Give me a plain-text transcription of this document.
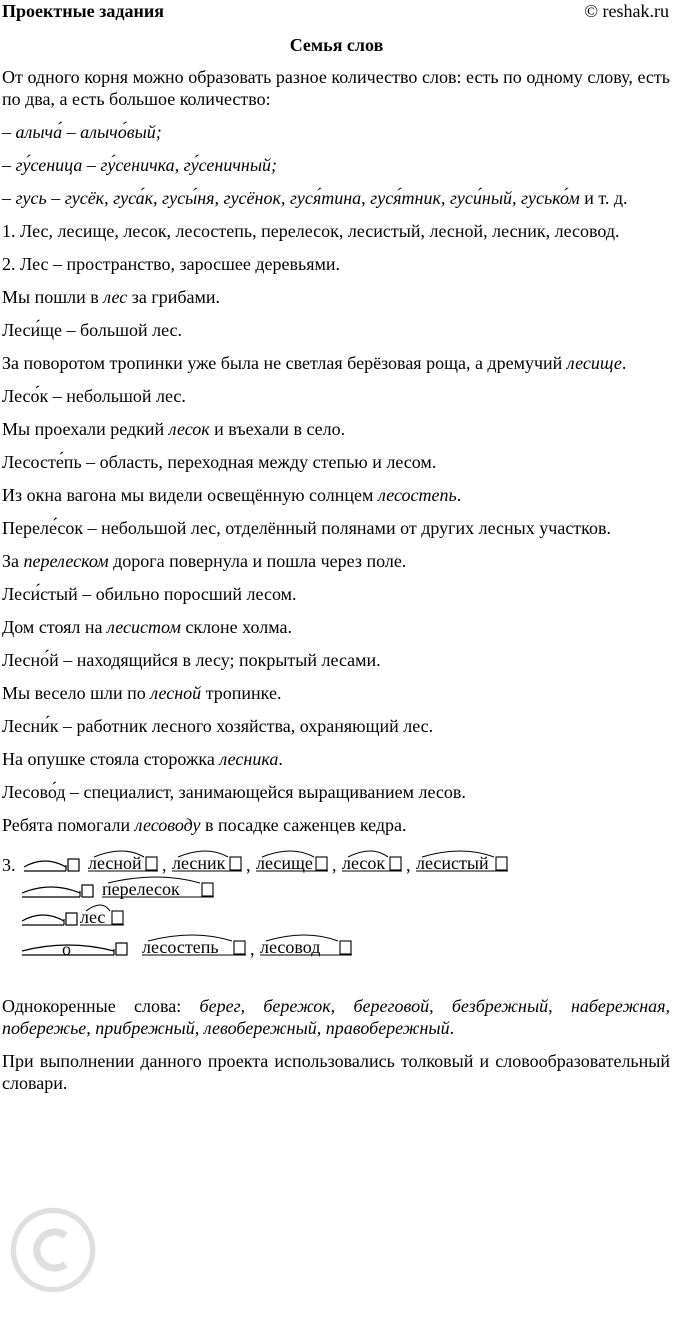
Проектные задания	© reshak.ru
Семья слов

От одного корня можно образовать разное количество слов: есть по одному слову, есть по два, а есть большое количество:

– алыча́ – алычо́вый;

– гу́сеница – гу́сеничка, гу́сеничный;

– гусь – гусёк, гуса́к, гусы́ня, гусёнок, гуся́тина, гуся́тник, гуси́ный, гусько́м и т. д.

1. Лес, лесище, лесок, лесостепь, перелесок, лесистый, лесной, лесник, лесовод.

2. Лес – пространство, заросшее деревьями.

Мы пошли в лес за грибами.

Леси́ще – большой лес.

За поворотом тропинки уже была не светлая берёзовая роща, а дремучий лесище.

Лесо́к – небольшой лес.

Мы проехали редкий лесок и въехали в село.

Лесосте́пь – область, переходная между степью и лесом.

Из окна вагона мы видели освещённую солнцем лесостепь.

Переле́сок – небольшой лес, отделённый полянами от других лесных участков.

За перелеском дорога повернула и пошла через поле.

Леси́стый – обильно поросший лесом.

Дом стоял на лесистом склоне холма.

Лесно́й – находящийся в лесу; покрытый лесами.

Мы весело шли по лесной тропинке.

Лесни́к – работник лесного хозяйства, охраняющий лес.

На опушке стояла сторожка лесника.

Лесово́д – специалист, занимающейся выращиванием лесов.

Ребята помогали лесоводу в посадке саженцев кедра.

3.	лесной , лесник , лесище , лесок , лесистый
перелесок
лес
о	лесостепь , лесовод

Однокоренные слова: берег, бережок, береговой, безбрежный, набережная, побережье, прибрежный, левобережный, правобережный.

При выполнении данного проекта использовались толковый и словообразовательный словари.
